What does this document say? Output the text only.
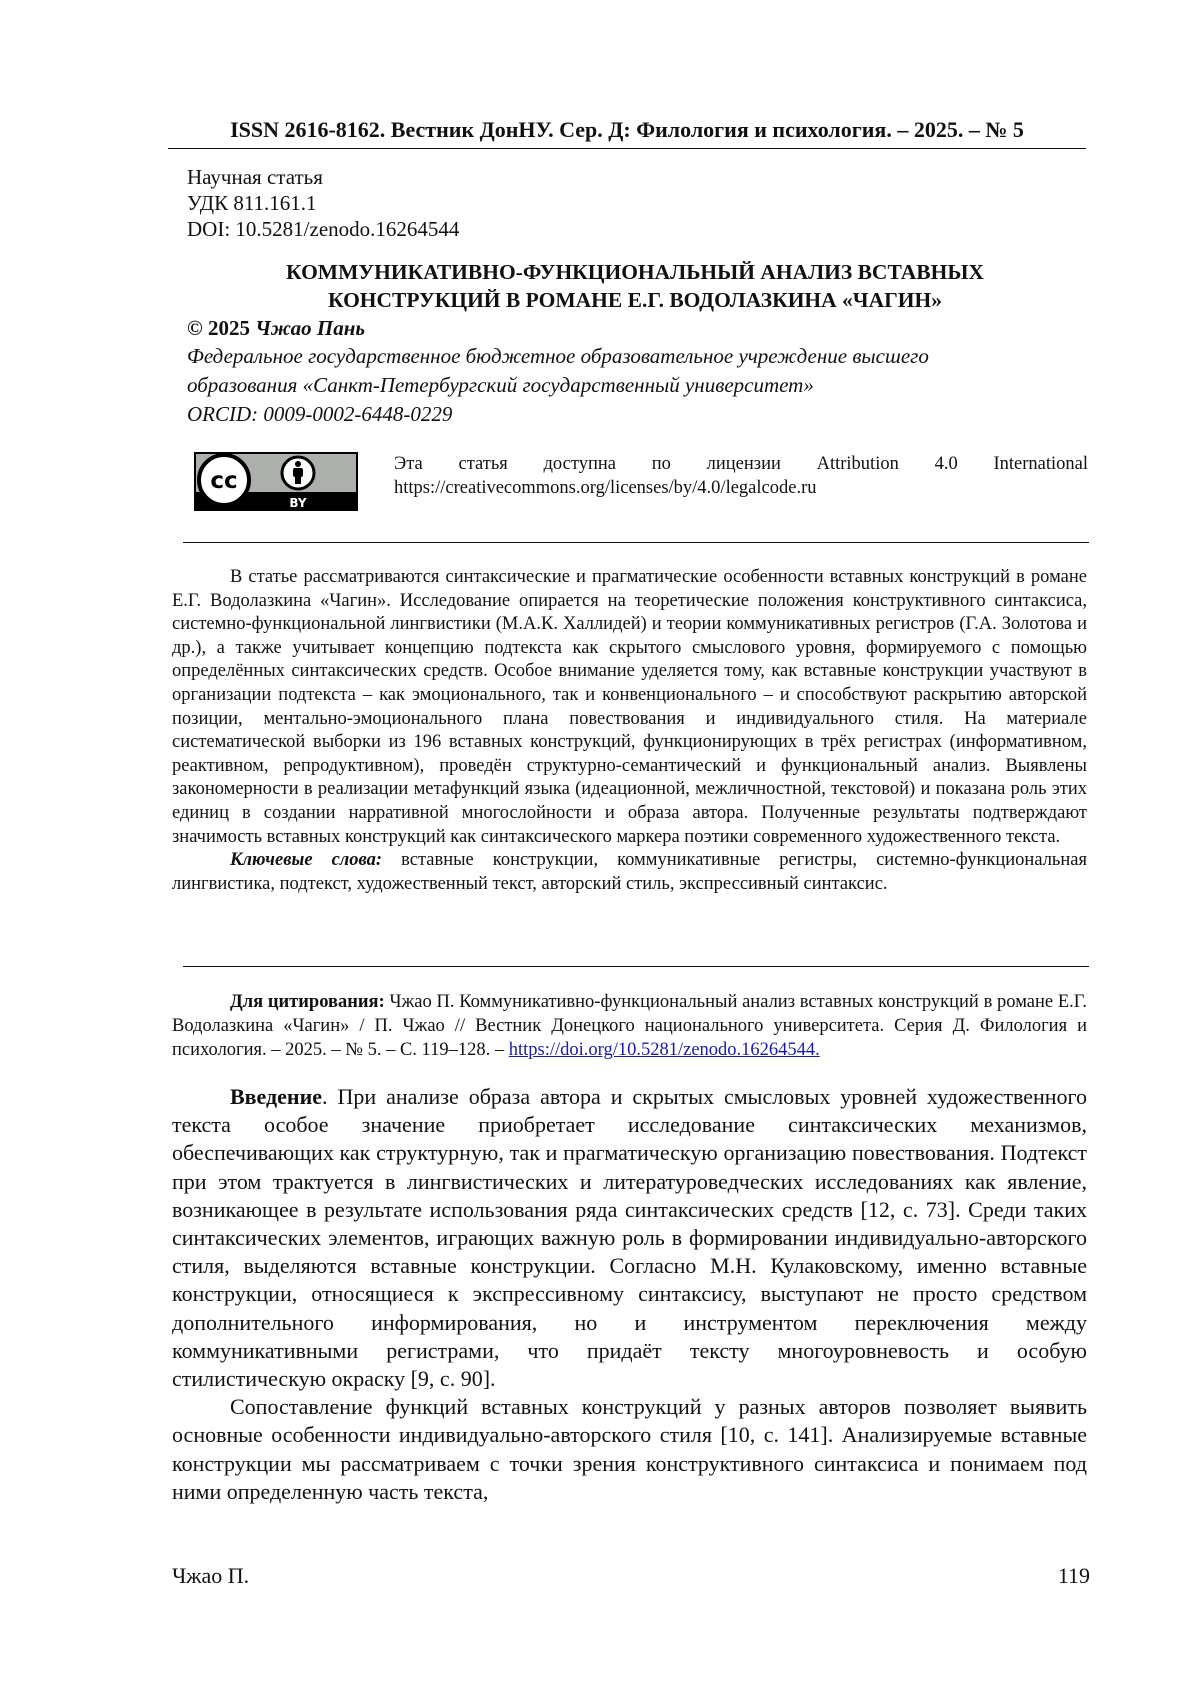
ISSN 2616-8162. Вестник ДонНУ. Сер. Д: Филология и психология. – 2025. – № 5
Научная статья
УДК 811.161.1
DOI: 10.5281/zenodo.16264544
КОММУНИКАТИВНО-ФУНКЦИОНАЛЬНЫЙ АНАЛИЗ ВСТАВНЫХ
КОНСТРУКЦИЙ В РОМАНЕ Е.Г. ВОДОЛАЗКИНА «ЧАГИН»
© 2025 Чжао Пань
Федеральное государственное бюджетное образовательное учреждение высшего
образования «Санкт-Петербургский государственный университет»
ORCID: 0009-0002-6448-0229
cc
BY
Эта статья доступна по лицензии Attribution 4.0 International
https://creativecommons.org/licenses/by/4.0/legalcode.ru

В статье рассматриваются синтаксические и прагматические особенности вставных конструкций в романе Е.Г. Водолазкина «Чагин». Исследование опирается на теоретические положения конструктивного синтаксиса, системно-функциональной лингвистики (М.А.К. Халлидей) и теории коммуникативных регистров (Г.А. Золотова и др.), а также учитывает концепцию подтекста как скрытого смыслового уровня, формируемого с помощью определённых синтаксических средств. Особое внимание уделяется тому, как вставные конструкции участвуют в организации подтекста – как эмоционального, так и конвенционального – и способствуют раскрытию авторской позиции, ментально-эмоционального плана повествования и индивидуального стиля. На материале систематической выборки из 196 вставных конструкций, функционирующих в трёх регистрах (информативном, реактивном, репродуктивном), проведён структурно-семантический и функциональный анализ. Выявлены закономерности в реализации метафункций языка (идеационной, межличностной, текстовой) и показана роль этих единиц в создании нарративной многослойности и образа автора. Полученные результаты подтверждают значимость вставных конструкций как синтаксического маркера поэтики современного художественного текста.

Ключевые слова: вставные конструкции, коммуникативные регистры, системно-функциональная лингвистика, подтекст, художественный текст, авторский стиль, экспрессивный синтаксис.

Для цитирования: Чжао П. Коммуникативно-функциональный анализ вставных конструкций в романе Е.Г. Водолазкина «Чагин» / П. Чжао // Вестник Донецкого национального университета. Серия Д. Филология и психология. – 2025. – № 5. – С. 119–128. – https://doi.org/10.5281/zenodo.16264544.

Введение. При анализе образа автора и скрытых смысловых уровней художественного текста особое значение приобретает исследование синтаксических механизмов, обеспечивающих как структурную, так и прагматическую организацию повествования. Подтекст при этом трактуется в лингвистических и литературоведческих исследованиях как явление, возникающее в результате использования ряда синтаксических средств [12, с. 73]. Среди таких синтаксических элементов, играющих важную роль в формировании индивидуально-авторского стиля, выделяются вставные конструкции. Согласно М.Н. Кулаковскому, именно вставные конструкции, относящиеся к экспрессивному синтаксису, выступают не просто средством дополнительного информирования, но и инструментом переключения между коммуникативными регистрами, что придаёт тексту многоуровневость и особую стилистическую окраску [9, с. 90].

Сопоставление функций вставных конструкций у разных авторов позволяет выявить основные особенности индивидуально-авторского стиля [10, с. 141]. Анализируемые вставные конструкции мы рассматриваем с точки зрения конструктивного синтаксиса и понимаем под ними определенную часть текста,

Чжао П.	119
